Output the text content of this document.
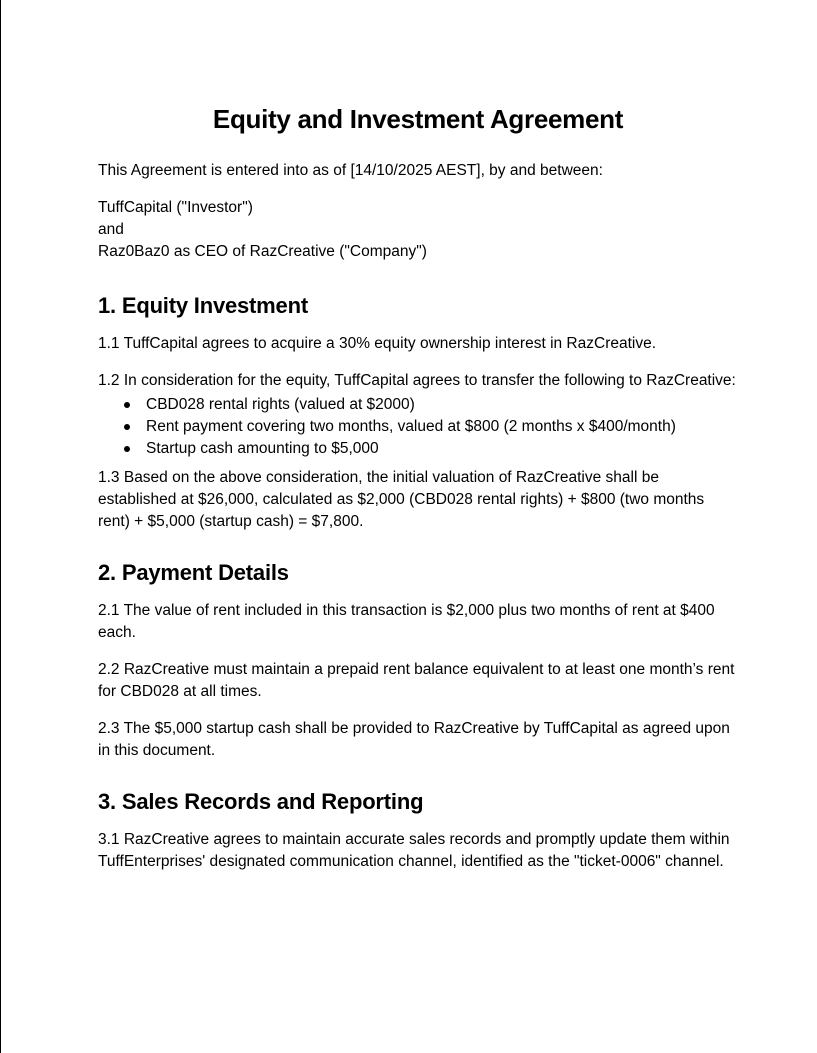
Equity and Investment Agreement

This Agreement is entered into as of [14/10/2025 AEST], by and between:

TuffCapital ("Investor")

and

Raz0Baz0 as CEO of RazCreative ("Company")

1. Equity Investment

1.1 TuffCapital agrees to acquire a 30% equity ownership interest in RazCreative.

1.2 In consideration for the equity, TuffCapital agrees to transfer the following to RazCreative:

CBD028 rental rights (valued at $2000)
Rent payment covering two months, valued at $800 (2 months x $400/month)
Startup cash amounting to $5,000

1.3 Based on the above consideration, the initial valuation of RazCreative shall be established at $26,000, calculated as $2,000 (CBD028 rental rights) + $800 (two months rent) + $5,000 (startup cash) = $7,800.

2. Payment Details

2.1 The value of rent included in this transaction is $2,000 plus two months of rent at $400 each.

2.2 RazCreative must maintain a prepaid rent balance equivalent to at least one month’s rent for CBD028 at all times.

2.3 The $5,000 startup cash shall be provided to RazCreative by TuffCapital as agreed upon in this document.

3. Sales Records and Reporting

3.1 RazCreative agrees to maintain accurate sales records and promptly update them within TuffEnterprises' designated communication channel, identified as the "ticket-0006" channel.
